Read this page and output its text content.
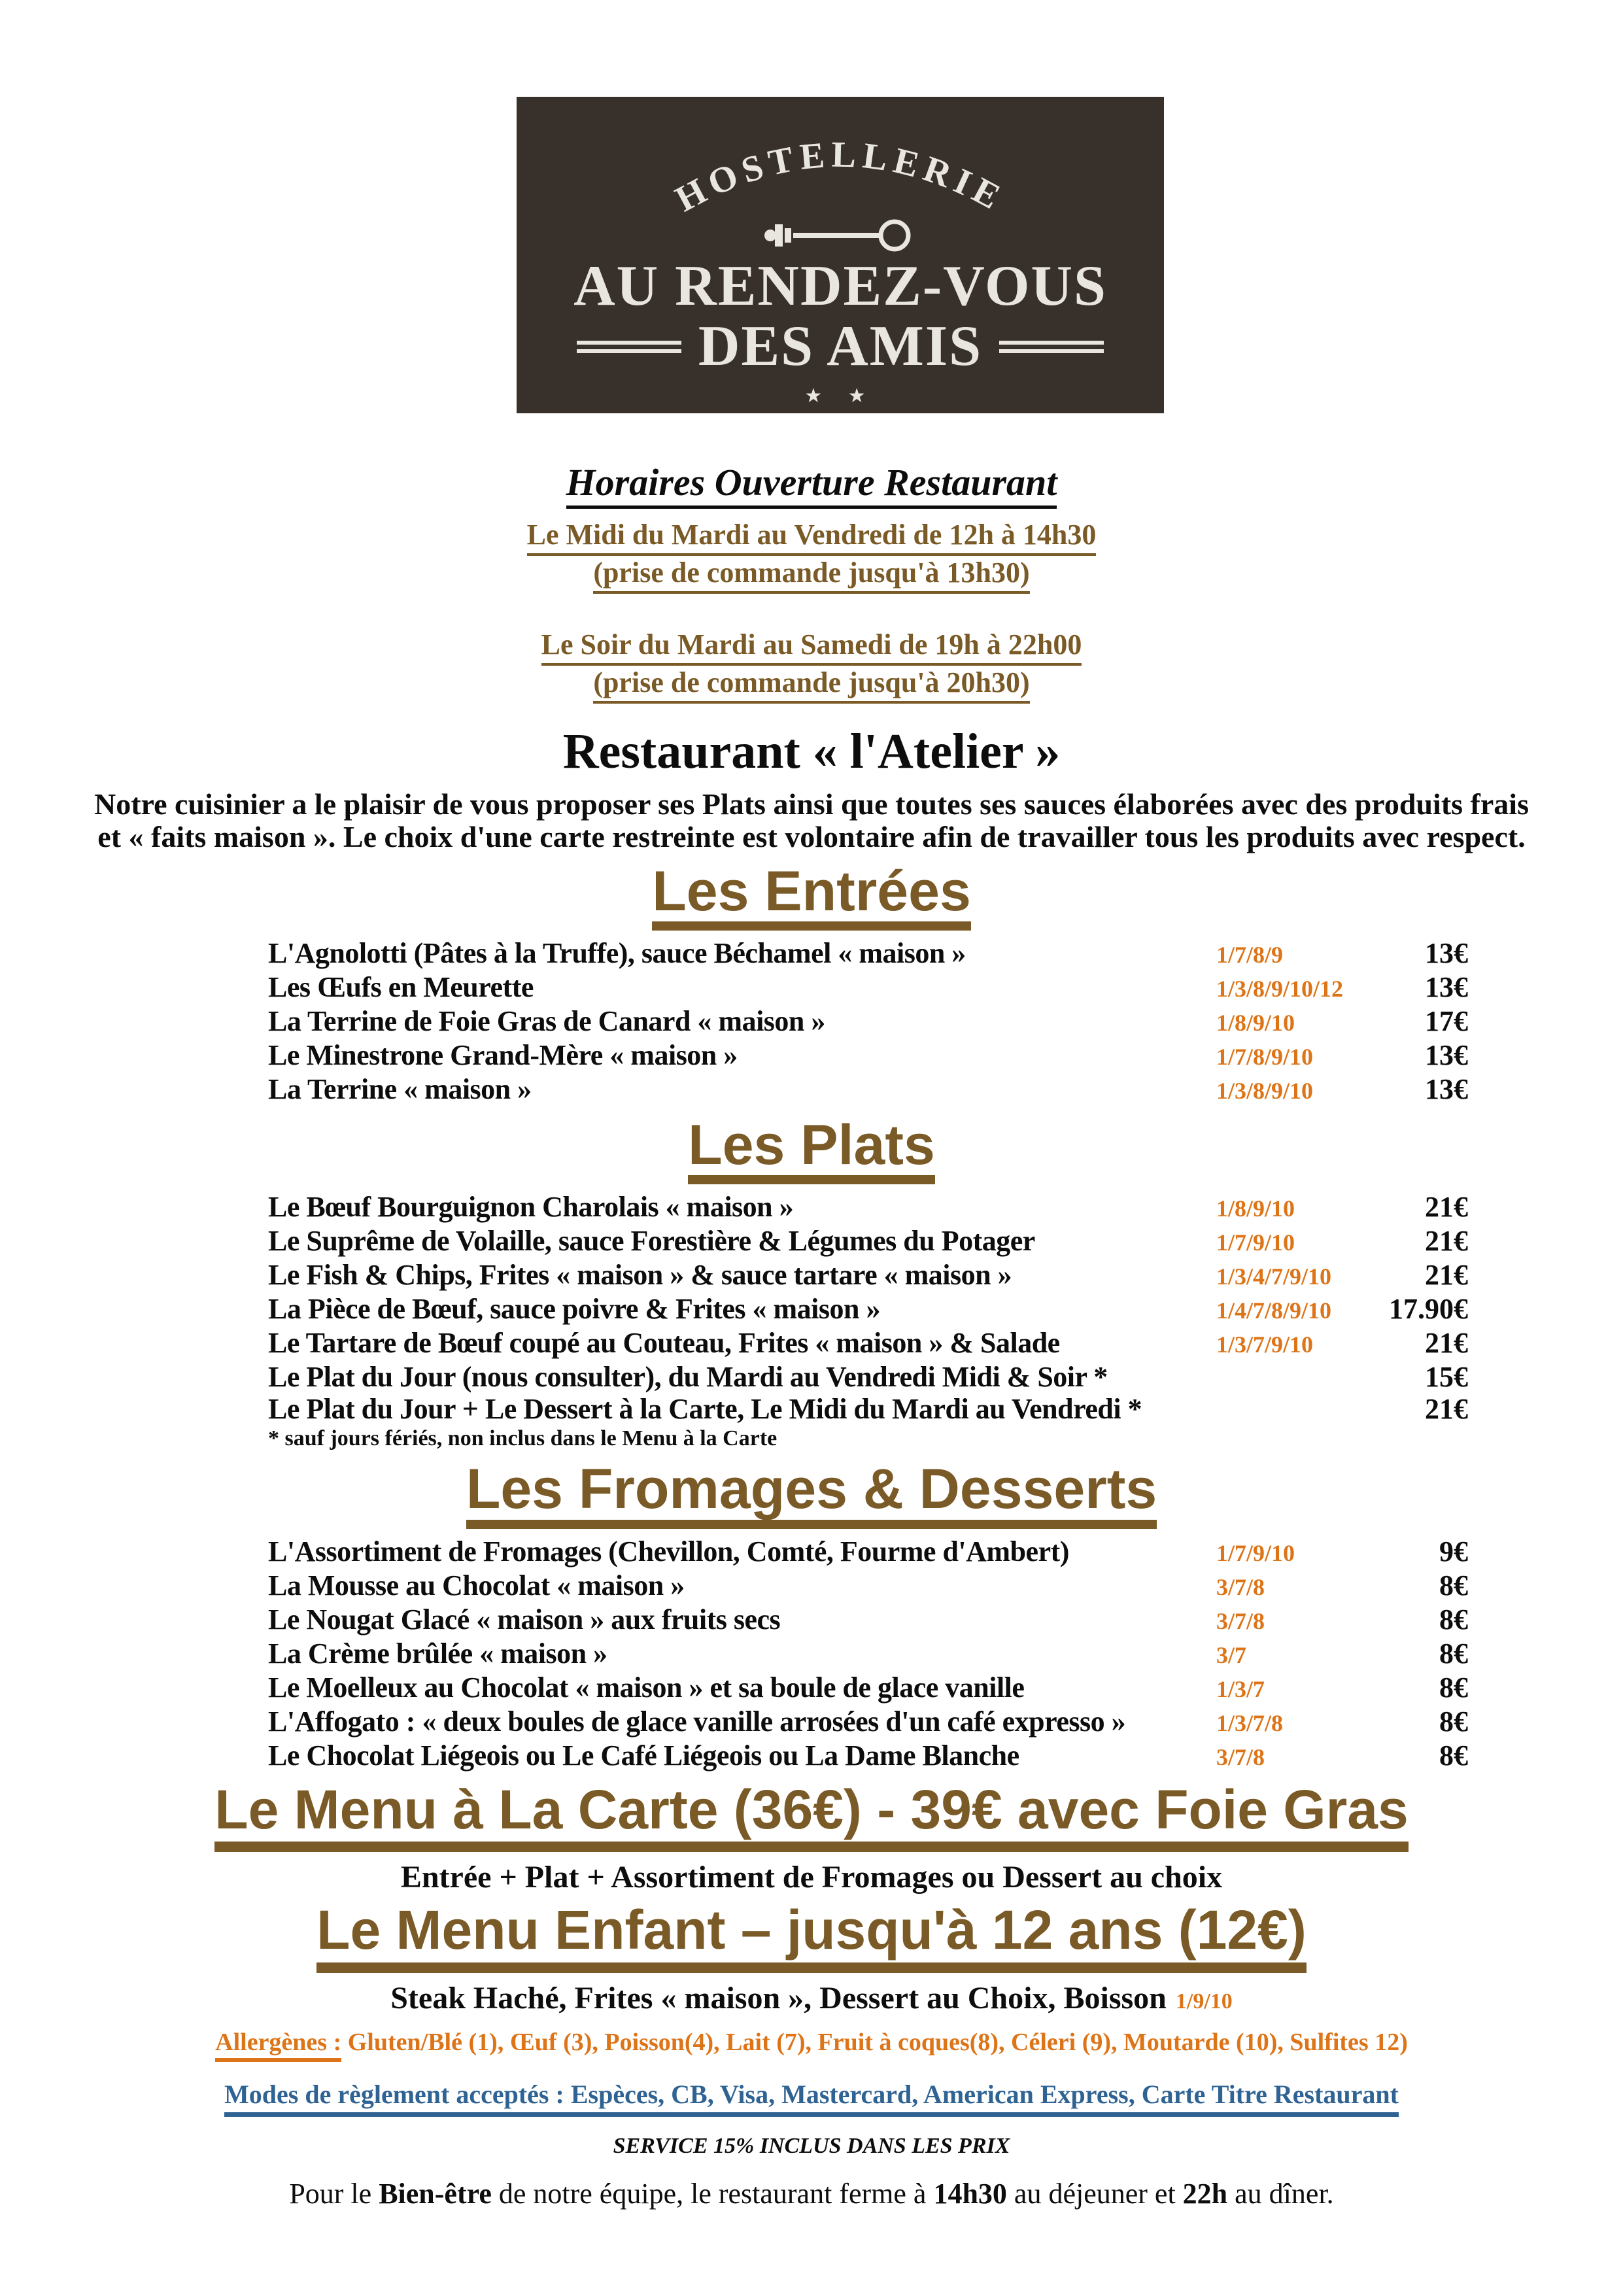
HOSTELLERIE
AU RENDEZ-VOUS
DES AMIS
★ ★
Horaires Ouverture Restaurant
Le Midi du Mardi au Vendredi de 12h à 14h30
(prise de commande jusqu'à 13h30)
Le Soir du Mardi au Samedi de 19h à 22h00
(prise de commande jusqu'à 20h30)
Restaurant « l'Atelier »

Notre cuisinier a le plaisir de vous proposer ses Plats ainsi que toutes ses sauces élaborées avec des produits frais et « faits maison ». Le choix d'une carte restreinte est volontaire afin de travailler tous les produits avec respect.

Les Entrées
L'Agnolotti (Pâtes à la Truffe), sauce Béchamel « maison »	1/7/8/9	13€
Les Œufs en Meurette	1/3/8/9/10/12	13€
La Terrine de Foie Gras de Canard « maison »	1/8/9/10	17€
Le Minestrone Grand-Mère « maison »	1/7/8/9/10	13€
La Terrine « maison »	1/3/8/9/10	13€
Les Plats
Le Bœuf Bourguignon Charolais « maison »	1/8/9/10	21€
Le Suprême de Volaille, sauce Forestière & Légumes du Potager	1/7/9/10	21€
Le Fish & Chips, Frites « maison » & sauce tartare « maison »	1/3/4/7/9/10	21€
La Pièce de Bœuf, sauce poivre & Frites « maison »	1/4/7/8/9/10	17.90€
Le Tartare de Bœuf coupé au Couteau, Frites « maison » & Salade	1/3/7/9/10	21€
Le Plat du Jour (nous consulter), du Mardi au Vendredi Midi & Soir *	15€
Le Plat du Jour + Le Dessert à la Carte, Le Midi du Mardi au Vendredi *	21€
* sauf jours fériés, non inclus dans le Menu à la Carte
Les Fromages & Desserts
L'Assortiment de Fromages (Chevillon, Comté, Fourme d'Ambert)	1/7/9/10	9€
La Mousse au Chocolat « maison »	3/7/8	8€
Le Nougat Glacé « maison » aux fruits secs	3/7/8	8€
La Crème brûlée « maison »	3/7	8€
Le Moelleux au Chocolat « maison » et sa boule de glace vanille	1/3/7	8€
L'Affogato : « deux boules de glace vanille arrosées d'un café expresso »	1/3/7/8	8€
Le Chocolat Liégeois ou Le Café Liégeois ou La Dame Blanche	3/7/8	8€
Le Menu à La Carte (36€) - 39€ avec Foie Gras
Entrée + Plat + Assortiment de Fromages ou Dessert au choix
Le Menu Enfant – jusqu'à 12 ans (12€)
Steak Haché, Frites « maison », Dessert au Choix, Boisson 1/9/10
Allergènes : Gluten/Blé (1), Œuf (3), Poisson(4), Lait (7), Fruit à coques(8), Céleri (9), Moutarde (10), Sulfites 12)
Modes de règlement acceptés : Espèces, CB, Visa, Mastercard, American Express, Carte Titre Restaurant
SERVICE 15% INCLUS DANS LES PRIX
Pour le Bien-être de notre équipe, le restaurant ferme à 14h30 au déjeuner et 22h au dîner.
